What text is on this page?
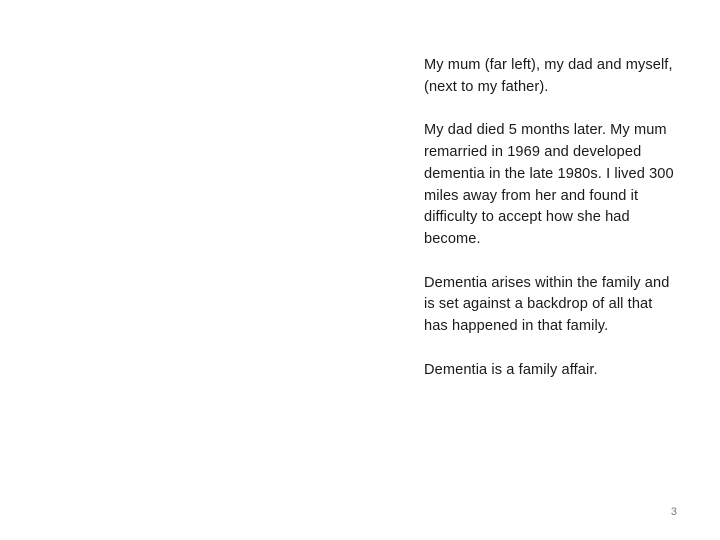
My mum (far left), my dad and myself, (next to my father).

My dad died 5 months later. My mum remarried in 1969 and developed dementia in the late 1980s. I lived 300 miles away from her and found it difficulty to accept how she had become.

Dementia arises within the family and is set against a backdrop of all that has happened in that family.

Dementia is a family affair.

3
